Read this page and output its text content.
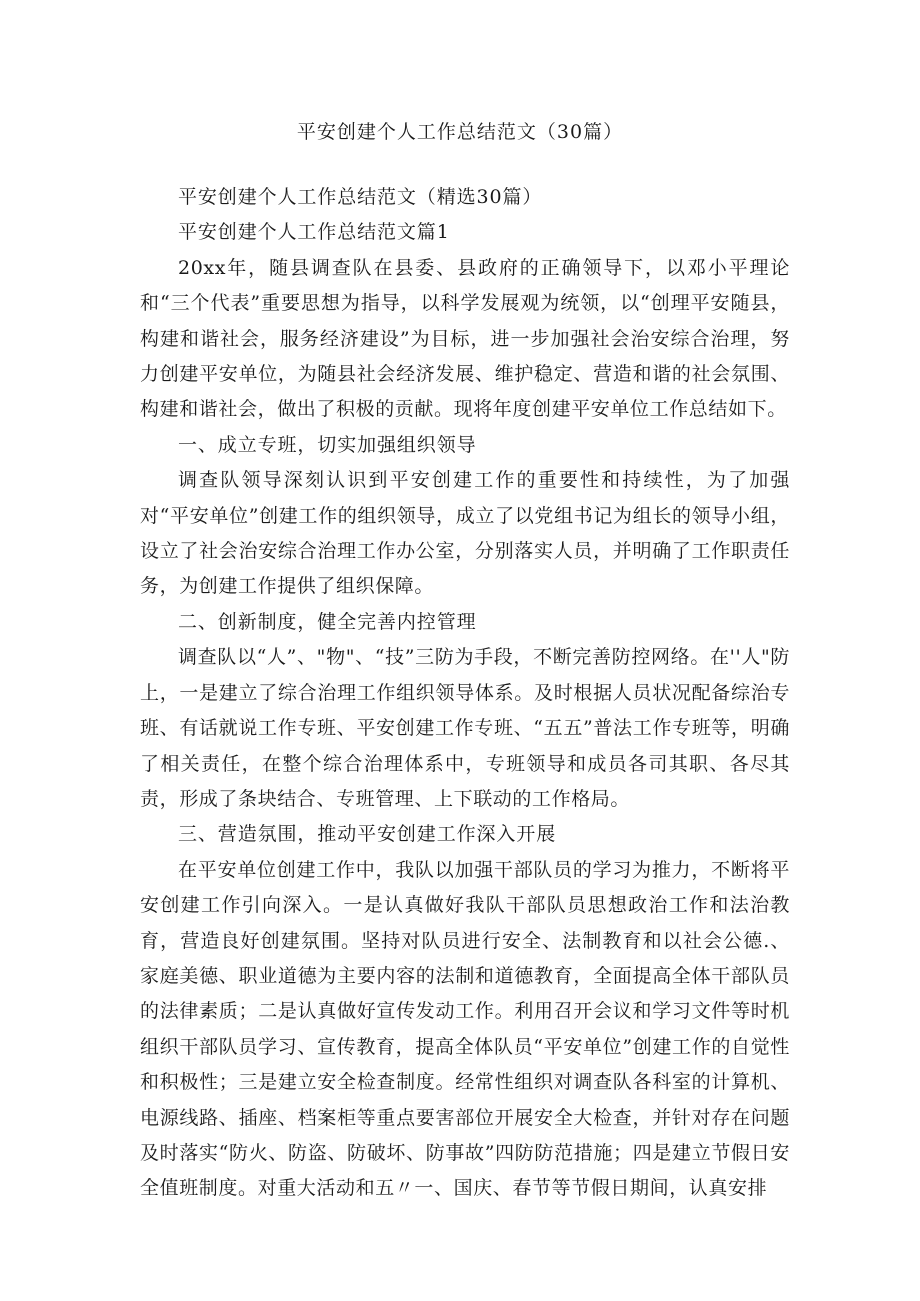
平安创建个人工作总结范文（30篇）

平安创建个人工作总结范文（精选30篇）

平安创建个人工作总结范文篇1

20xx年，随县调查队在县委、县政府的正确领导下，以邓小平理论和“三个代表”重要思想为指导，以科学发展观为统领，以“创理平安随县，构建和谐社会，服务经济建设”为目标，进一步加强社会治安综合治理，努力创建平安单位，为随县社会经济发展、维护稳定、营造和谐的社会氛围、构建和谐社会，做出了积极的贡献。现将年度创建平安单位工作总结如下。

一、成立专班，切实加强组织领导

调查队领导深刻认识到平安创建工作的重要性和持续性，为了加强对“平安单位”创建工作的组织领导，成立了以党组书记为组长的领导小组，设立了社会治安综合治理工作办公室，分别落实人员，并明确了工作职责任务，为创建工作提供了组织保障。

二、创新制度，健全完善内控管理

调查队以“人”、"物"、“技”三防为手段，不断完善防控网络。在''人"防上，一是建立了综合治理工作组织领导体系。及时根据人员状况配备综治专班、有话就说工作专班、平安创建工作专班、“五五”普法工作专班等，明确了相关责任，在整个综合治理体系中，专班领导和成员各司其职、各尽其责，形成了条块结合、专班管理、上下联动的工作格局。

三、营造氛围，推动平安创建工作深入开展

在平安单位创建工作中，我队以加强干部队员的学习为推力，不断将平安创建工作引向深入。一是认真做好我队干部队员思想政治工作和法治教育，营造良好创建氛围。坚持对队员进行安全、法制教育和以社会公德.、家庭美德、职业道德为主要内容的法制和道德教育，全面提高全体干部队员的法律素质；二是认真做好宣传发动工作。利用召开会议和学习文件等时机组织干部队员学习、宣传教育，提高全体队员“平安单位”创建工作的自觉性和积极性；三是建立安全检查制度。经常性组织对调查队各科室的计算机、电源线路、插座、档案柜等重点要害部位开展安全大检查，并针对存在问题及时落实“防火、防盗、防破坏、防事故”四防防范措施；四是建立节假日安全值班制度。对重大活动和五〃一、国庆、春节等节假日期间，认真安排
